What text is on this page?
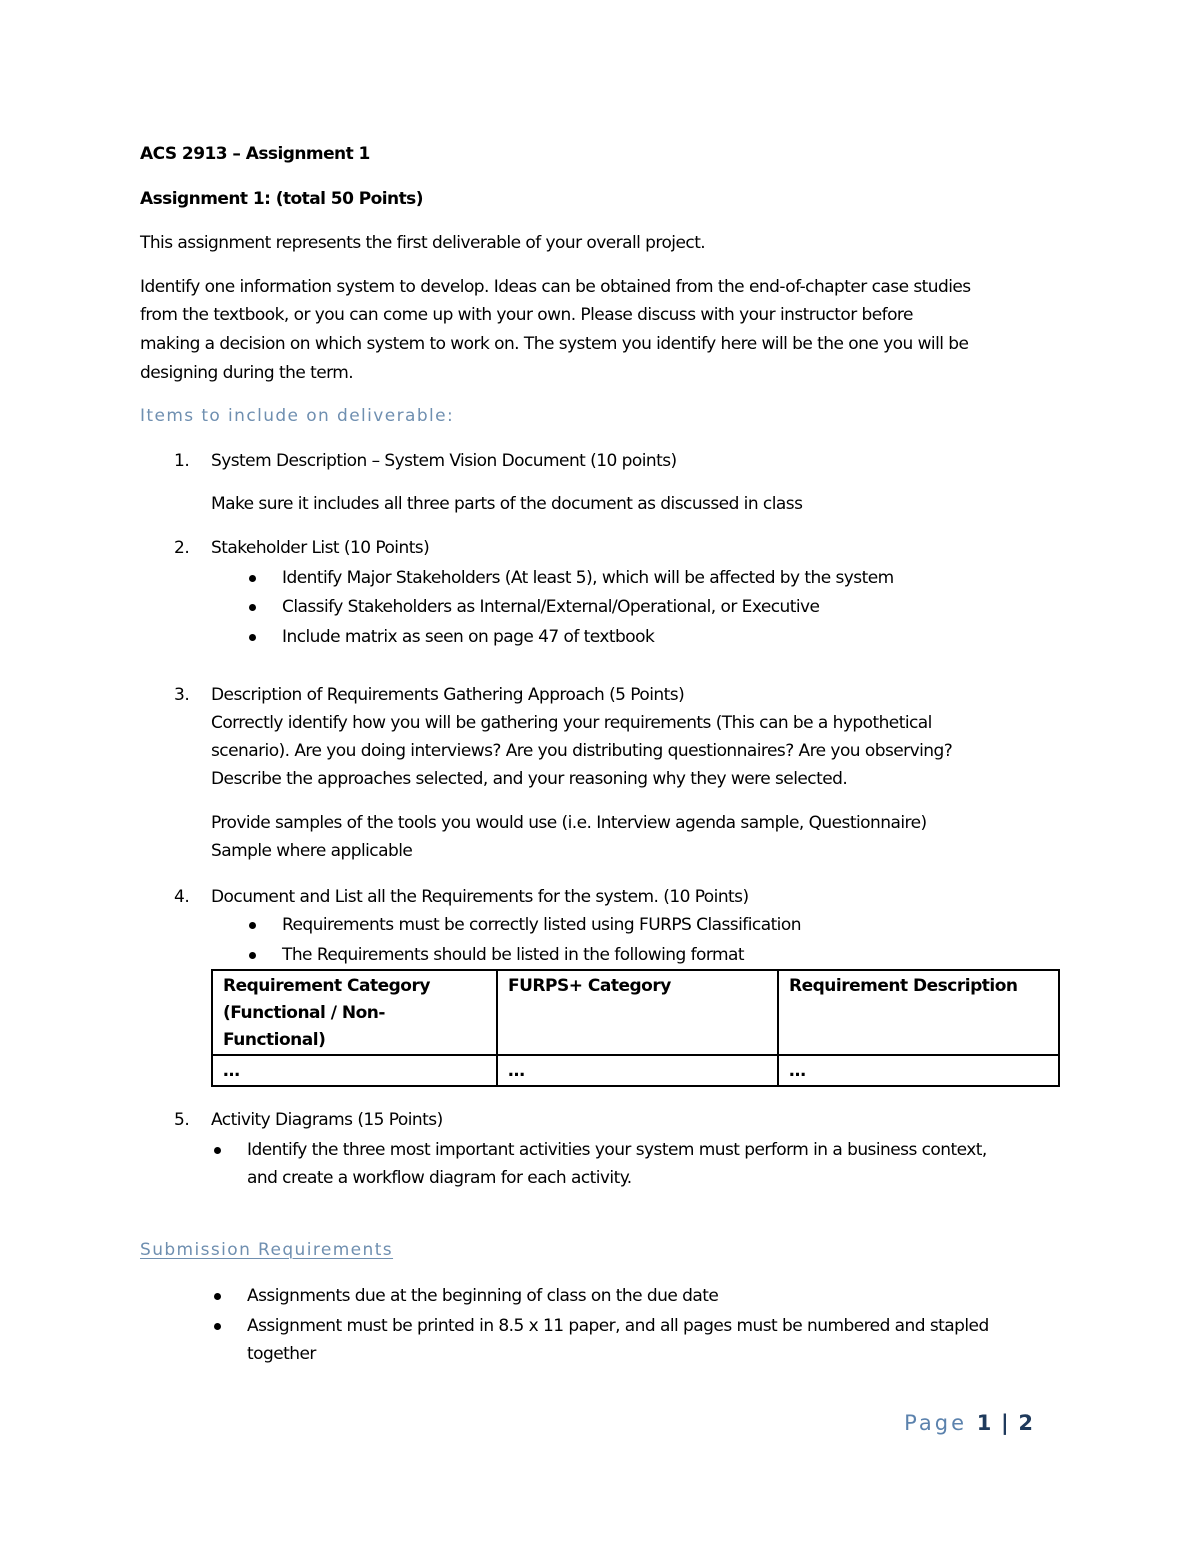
ACS 2913 – Assignment 1
Assignment 1: (total 50 Points)
This assignment represents the first deliverable of your overall project.
Identify one information system to develop. Ideas can be obtained from the end-of-chapter case studies
from the textbook, or you can come up with your own. Please discuss with your instructor before
making a decision on which system to work on. The system you identify here will be the one you will be
designing during the term.
Items to include on deliverable:
1. System Description – System Vision Document (10 points)
Make sure it includes all three parts of the document as discussed in class
2. Stakeholder List (10 Points)
Identify Major Stakeholders (At least 5), which will be affected by the system
Classify Stakeholders as Internal/External/Operational, or Executive
Include matrix as seen on page 47 of textbook
3. Description of Requirements Gathering Approach (5 Points)
Correctly identify how you will be gathering your requirements (This can be a hypothetical
scenario). Are you doing interviews? Are you distributing questionnaires? Are you observing?
Describe the approaches selected, and your reasoning why they were selected.
Provide samples of the tools you would use (i.e. Interview agenda sample, Questionnaire)
Sample where applicable
4. Document and List all the Requirements for the system. (10 Points)
Requirements must be correctly listed using FURPS Classification
The Requirements should be listed in the following format
Requirement Category
(Functional / Non-
Functional)	FURPS+ Category	Requirement Description

…	…	…
5. Activity Diagrams (15 Points)
Identify the three most important activities your system must perform in a business context,
and create a workflow diagram for each activity.
Submission Requirements
Assignments due at the beginning of class on the due date
Assignment must be printed in 8.5 x 11 paper, and all pages must be numbered and stapled
together
Page 1 | 2
